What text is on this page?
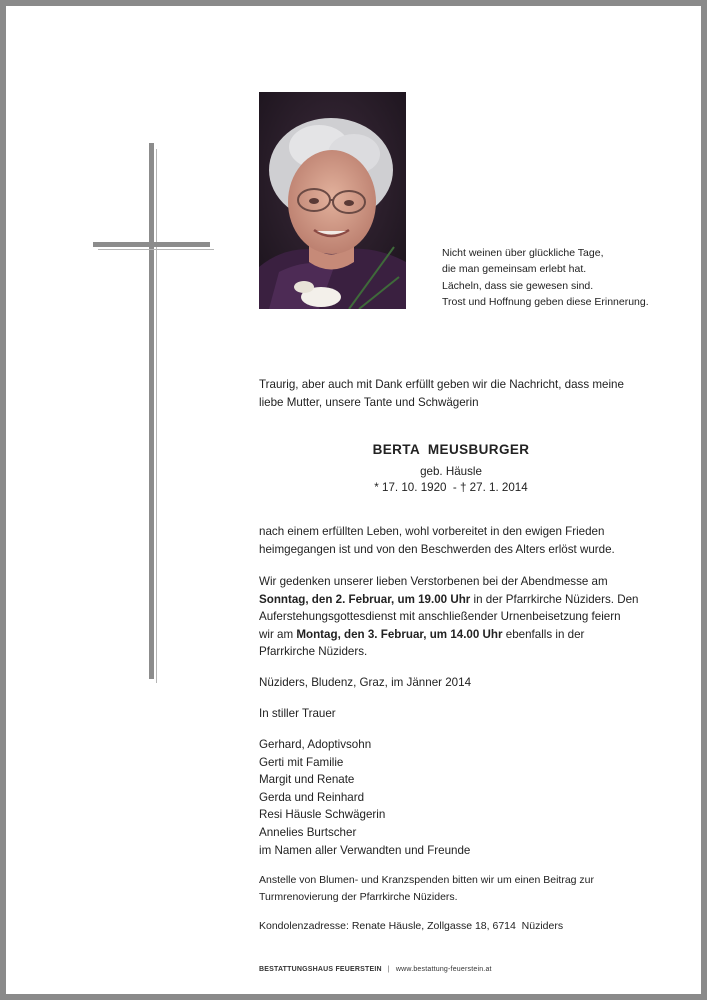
Nicht weinen über glückliche Tage,
die man gemeinsam erlebt hat.
Lächeln, dass sie gewesen sind.
Trost und Hoffnung geben diese Erinnerung.
Traurig, aber auch mit Dank erfüllt geben wir die Nachricht, dass meine
liebe Mutter, unsere Tante und Schwägerin
BERTA  MEUSBURGER
geb. Häusle
* 17. 10. 1920  - † 27. 1. 2014
nach einem erfüllten Leben, wohl vorbereitet in den ewigen Frieden
heimgegangen ist und von den Beschwerden des Alters erlöst wurde.
Wir gedenken unserer lieben Verstorbenen bei der Abendmesse am
Sonntag, den 2. Februar, um 19.00 Uhr in der Pfarrkirche Nüziders. Den
Auferstehungsgottesdienst mit anschließender Urnenbeisetzung feiern
wir am Montag, den 3. Februar, um 14.00 Uhr ebenfalls in der
Pfarrkirche Nüziders.
Nüziders, Bludenz, Graz, im Jänner 2014
In stiller Trauer
Gerhard, Adoptivsohn
Gerti mit Familie
Margit und Renate
Gerda und Reinhard
Resi Häusle Schwägerin
Annelies Burtscher
im Namen aller Verwandten und Freunde
Anstelle von Blumen- und Kranzspenden bitten wir um einen Beitrag zur
Turmrenovierung der Pfarrkirche Nüziders.
Kondolenzadresse: Renate Häusle, Zollgasse 18, 6714  Nüziders
BESTATTUNGSHAUS FEUERSTEIN | www.bestattung-feuerstein.at
